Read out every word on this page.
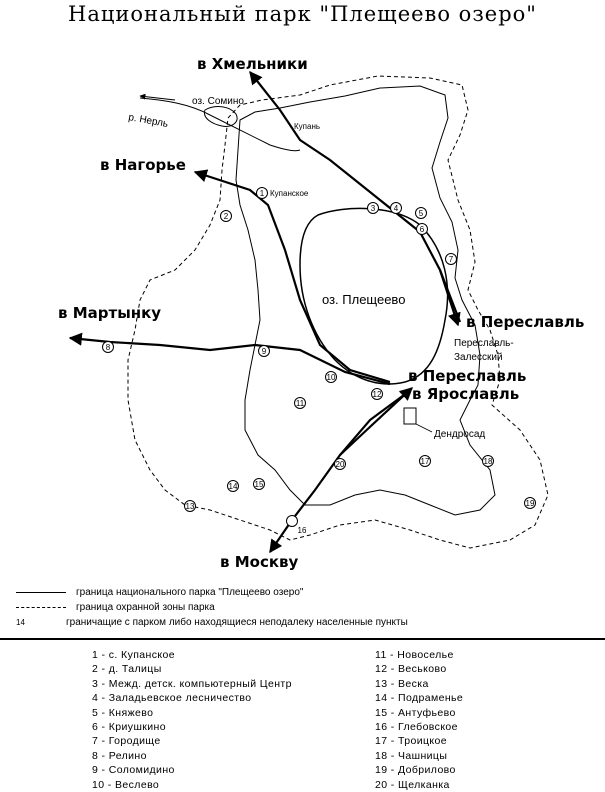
Национальный парк "Плещеево озеро"
в Хмельники
в Нагорье
в Мартынку	в Переславль
в Переславль
в Ярославль
в Москву
оз. Плещеево
оз. Сомино
р. Нерль	Купань
Купанское
Переславль-
Залесский
Дендросад
1
2
3 4
5
6
7
8	9
10
11
12
13
14 15
16
17	18
19
20
граница национального парка "Плещеево озеро"
граница охранной зоны парка
14	граничащие с парком либо находящиеся неподалеку населенные пункты
1 - с. Купанское
2 - д. Талицы
3 - Межд. детск. компьютерный Центр
4 - Заладьевское лесничество
5 - Княжево
6 - Криушкино
7 - Городище
8 - Релино
9 - Соломидино
10 - Веслево
11 - Новоселье
12 - Веськово
13 - Веска
14 - Подраменье
15 - Антуфьево
16 - Глебовское
17 - Троицкое
18 - Чашницы
19 - Добрилово
20 - Щелканка
